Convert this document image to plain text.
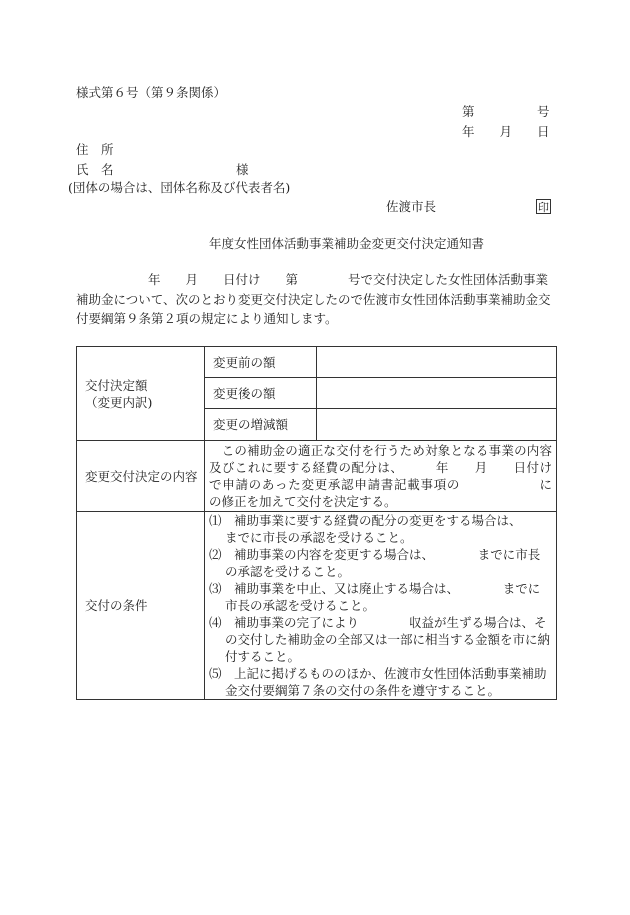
様式第６号（第９条関係）
第　　　　　号
年　　月　　日
住　所
氏　名	様
(団体の場合は、団体名称及び代表者名)
佐渡市長	印
年度女性団体活動事業補助金変更交付決定通知書
年　　月　　日付け　　第　　　　号で交付決定した女性団体活動事業
補助金について、次のとおり変更交付決定したので佐渡市女性団体活動事業補助金交
付要綱第９条第２項の規定により通知します。
交付決定額
（変更内訳)	変更前の額	
	変更後の額	
	変更の増減額	
変更交付決定の内容	　この補助金の適正な交付を行うため対象となる事業の内容及びこれに要する経費の配分は、　　　年　　月　　日付けで申請のあった変更承認申請書記載事項の　　　　　　に　　　の修正を加えて交付を決定する。	
交付の条件	⑴　補助事業に要する経費の配分の変更をする場合は、　　　　までに市長の承認を受けること。
⑵　補助事業の内容を変更する場合は、　　　　までに市長の承認を受けること。
⑶　補助事業を中止、又は廃止する場合は、　　　　までに市長の承認を受けること。
⑷　補助事業の完了により　　　　収益が生ずる場合は、その交付した補助金の全部又は一部に相当する金額を市に納付すること。
⑸　上記に掲げるもののほか、佐渡市女性団体活動事業補助金交付要綱第７条の交付の条件を遵守すること。	
